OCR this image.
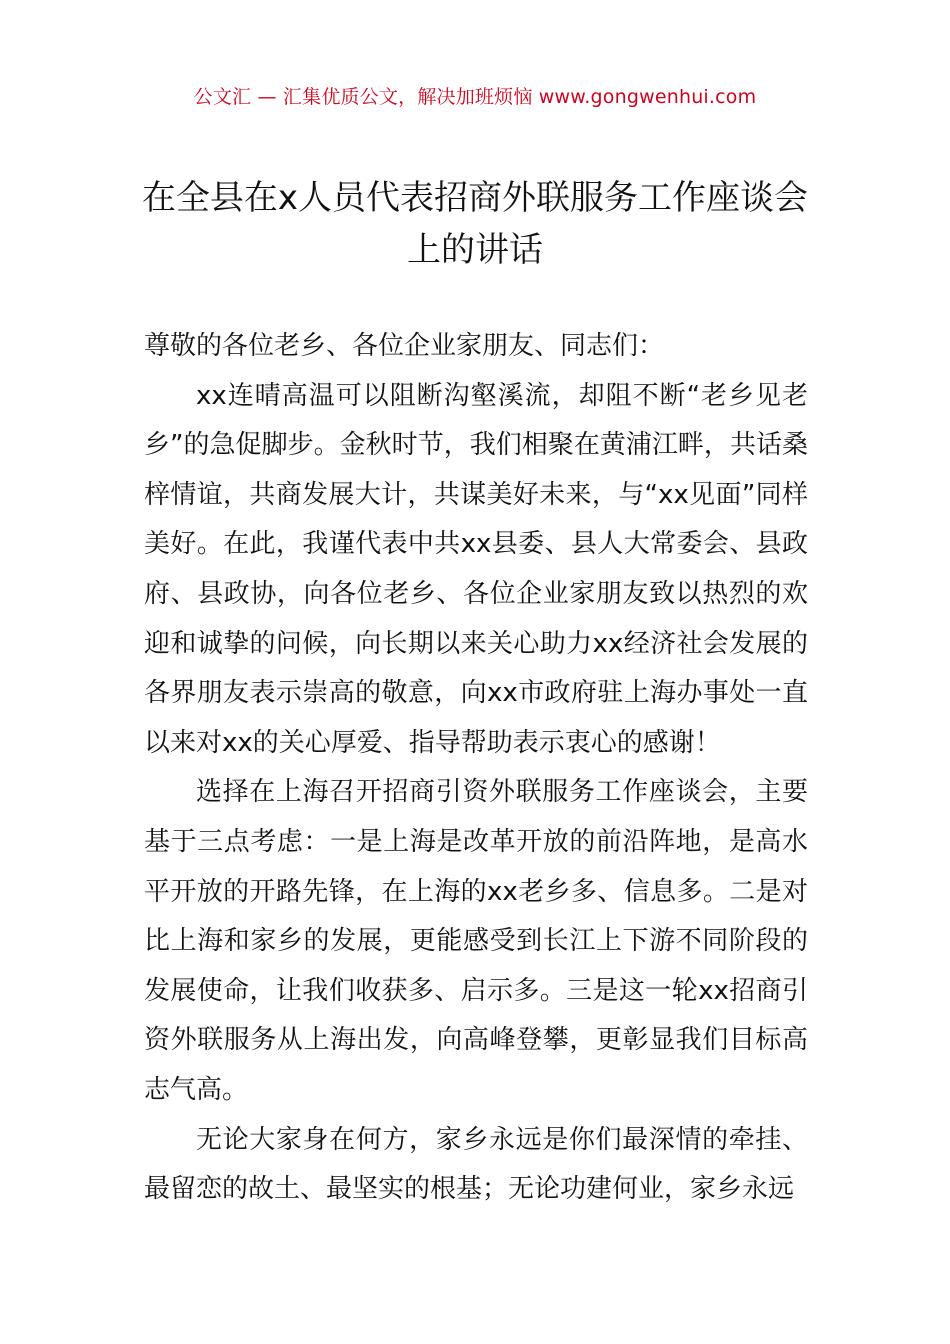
公文汇 — 汇集优质公文，解决加班烦恼 www.gongwenhui.com
在全县在x人员代表招商外联服务工作座谈会上的讲话

尊敬的各位老乡、各位企业家朋友、同志们：

xx连晴高温可以阻断沟壑溪流，却阻不断“老乡见老乡”的急促脚步。金秋时节，我们相聚在黄浦江畔，共话桑梓情谊，共商发展大计，共谋美好未来，与“xx见面”同样美好。在此，我谨代表中共xx县委、县人大常委会、县政府、县政协，向各位老乡、各位企业家朋友致以热烈的欢迎和诚挚的问候，向长期以来关心助力xx经济社会发展的各界朋友表示崇高的敬意，向xx市政府驻上海办事处一直以来对xx的关心厚爱、指导帮助表示衷心的感谢！

选择在上海召开招商引资外联服务工作座谈会，主要基于三点考虑：一是上海是改革开放的前沿阵地，是高水平开放的开路先锋，在上海的xx老乡多、信息多。二是对比上海和家乡的发展，更能感受到长江上下游不同阶段的发展使命，让我们收获多、启示多。三是这一轮xx招商引资外联服务从上海出发，向高峰登攀，更彰显我们目标高志气高。

无论大家身在何方，家乡永远是你们最深情的牵挂、最留恋的故土、最坚实的根基；无论功建何业，家乡永远
